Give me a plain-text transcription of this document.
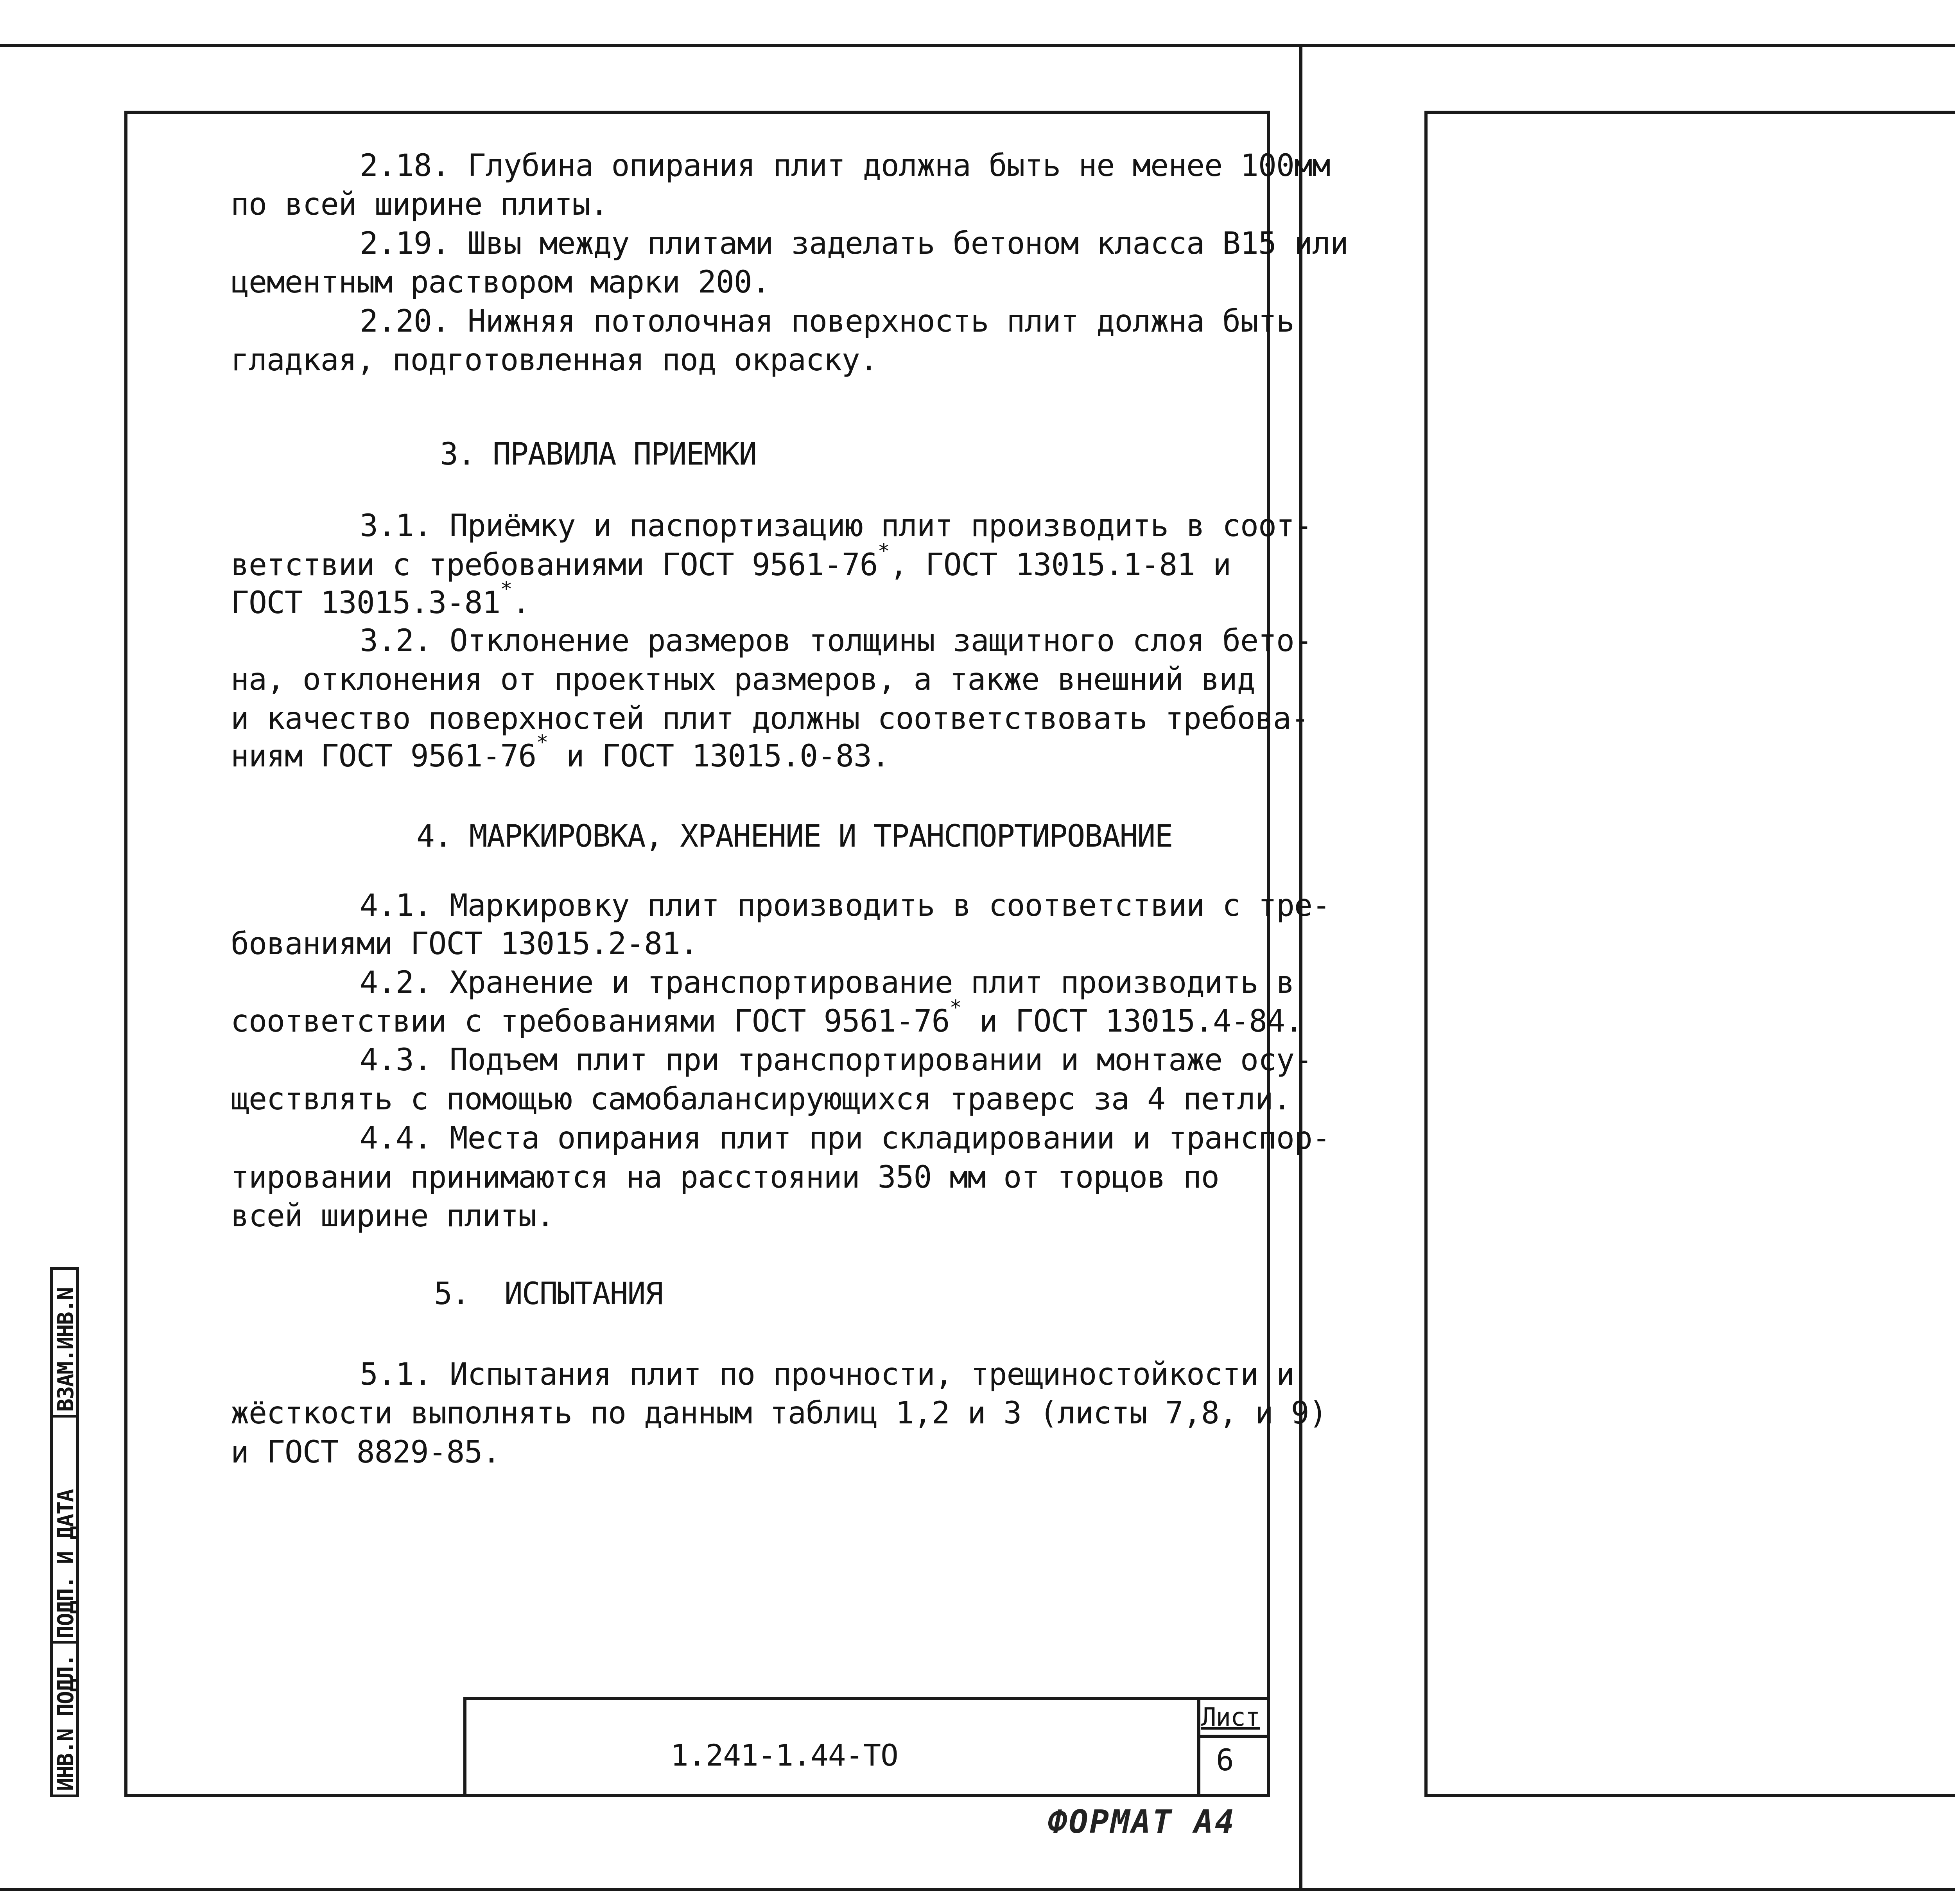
ВЗАМ.ИНВ.N
ПОДП. И ДАТА
ИНВ.N ПОДЛ.
2.18. Глубина опирания плит должна быть не менее 100мм
по всей ширине плиты.
2.19. Швы между плитами заделать бетоном класса В15 или
цементным раствором марки 200.
2.20. Нижняя потолочная поверхность плит должна быть
гладкая, подготовленная под окраску.
3. ПРАВИЛА ПРИЕМКИ
3.1. Приёмку и паспортизацию плит производить в соот-
ветствии с требованиями ГОСТ 9561-76*, ГОСТ 13015.1-81 и
ГОСТ 13015.3-81*.
3.2. Отклонение размеров толщины защитного слоя бето-
на, отклонения от проектных размеров, а также внешний вид
и качество поверхностей плит должны соответствовать требова-
ниям ГОСТ 9561-76* и ГОСТ 13015.0-83.
4. МАРКИРОВКА, ХРАНЕНИЕ И ТРАНСПОРТИРОВАНИЕ
4.1. Маркировку плит производить в соответствии с тре-
бованиями ГОСТ 13015.2-81.
4.2. Хранение и транспортирование плит производить в
соответствии с требованиями ГОСТ 9561-76* и ГОСТ 13015.4-84.
4.3. Подъем плит при транспортировании и монтаже осу-
ществлять с помощью самобалансирующихся траверс за 4 петли.
4.4. Места опирания плит при складировании и транспор-
тировании принимаются на расстоянии 350 мм от торцов по
всей ширине плиты.
5.  ИСПЫТАНИЯ
5.1. Испытания плит по прочности, трещиностойкости и
жёсткости выполнять по данным таблиц 1,2 и 3 (листы 7,8, и 9)
и ГОСТ 8829-85.
1.241-1.44-ТО
Лист
6
ФОРМАТ А4
